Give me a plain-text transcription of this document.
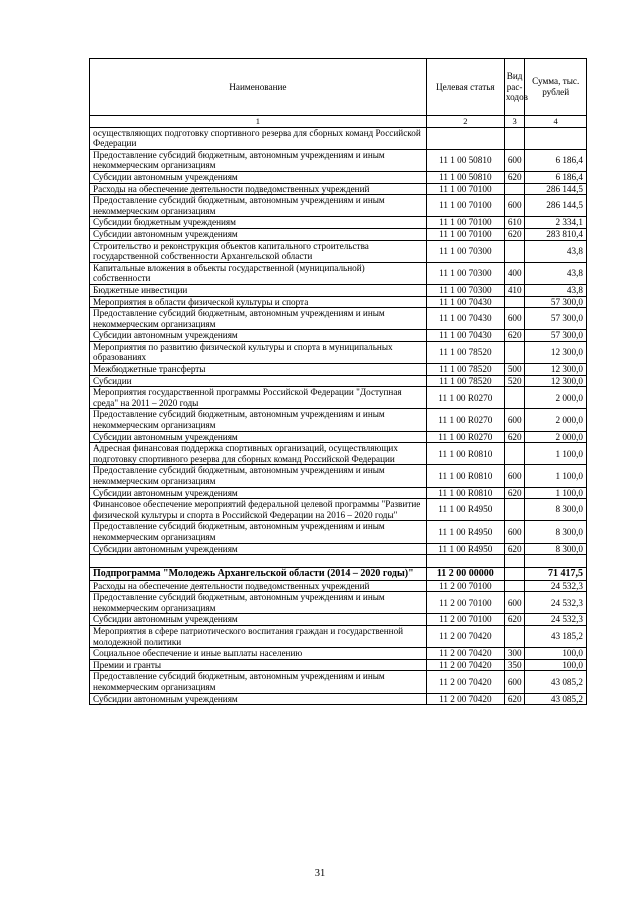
Наименование	Целевая статья	Вид рас-ходов	Сумма, тыс. рублей
1	2	3	4
осуществляющих подготовку спортивного резерва для сборных команд Российской Федерации			
Предоставление субсидий бюджетным, автономным учреждениям и иным некоммерческим организациям	11 1 00 50810	600	6 186,4
Субсидии автономным учреждениям	11 1 00 50810	620	6 186,4
Расходы на обеспечение деятельности подведомственных учреждений	11 1 00 70100		286 144,5
Предоставление субсидий бюджетным, автономным учреждениям и иным некоммерческим организациям	11 1 00 70100	600	286 144,5
Субсидии бюджетным учреждениям	11 1 00 70100	610	2 334,1
Субсидии автономным учреждениям	11 1 00 70100	620	283 810,4
Строительство и реконструкция объектов капитального строительства государственной собственности Архангельской области	11 1 00 70300		43,8
Капитальные вложения в объекты государственной (муниципальной) собственности	11 1 00 70300	400	43,8
Бюджетные инвестиции	11 1 00 70300	410	43,8
Мероприятия в области физической культуры и спорта	11 1 00 70430		57 300,0
Предоставление субсидий бюджетным, автономным учреждениям и иным некоммерческим организациям	11 1 00 70430	600	57 300,0
Субсидии автономным учреждениям	11 1 00 70430	620	57 300,0
Мероприятия по развитию физической культуры и спорта в муниципальных образованиях	11 1 00 78520		12 300,0
Межбюджетные трансферты	11 1 00 78520	500	12 300,0
Субсидии	11 1 00 78520	520	12 300,0
Мероприятия государственной программы Российской Федерации "Доступная среда" на 2011 – 2020 годы	11 1 00 R0270		2 000,0
Предоставление субсидий бюджетным, автономным учреждениям и иным некоммерческим организациям	11 1 00 R0270	600	2 000,0
Субсидии автономным учреждениям	11 1 00 R0270	620	2 000,0
Адресная финансовая поддержка спортивных организаций, осуществляющих подготовку спортивного резерва для сборных команд Российской Федерации	11 1 00 R0810		1 100,0
Предоставление субсидий бюджетным, автономным учреждениям и иным некоммерческим организациям	11 1 00 R0810	600	1 100,0
Субсидии автономным учреждениям	11 1 00 R0810	620	1 100,0
Финансовое обеспечение мероприятий федеральной целевой программы "Развитие физической культуры и спорта в Российской Федерации на 2016 – 2020 годы"	11 1 00 R4950		8 300,0
Предоставление субсидий бюджетным, автономным учреждениям и иным некоммерческим организациям	11 1 00 R4950	600	8 300,0
Субсидии автономным учреждениям	11 1 00 R4950	620	8 300,0

Подпрограмма "Молодежь Архангельской области (2014 – 2020 годы)"	11 2 00 00000		71 417,5
Расходы на обеспечение деятельности подведомственных учреждений	11 2 00 70100		24 532,3
Предоставление субсидий бюджетным, автономным учреждениям и иным некоммерческим организациям	11 2 00 70100	600	24 532,3
Субсидии автономным учреждениям	11 2 00 70100	620	24 532,3
Мероприятия в сфере патриотического воспитания граждан и государственной молодежной политики	11 2 00 70420		43 185,2
Социальное обеспечение и иные выплаты населению	11 2 00 70420	300	100,0
Премии и гранты	11 2 00 70420	350	100,0
Предоставление субсидий бюджетным, автономным учреждениям и иным некоммерческим организациям	11 2 00 70420	600	43 085,2
Субсидии автономным учреждениям	11 2 00 70420	620	43 085,2
31
